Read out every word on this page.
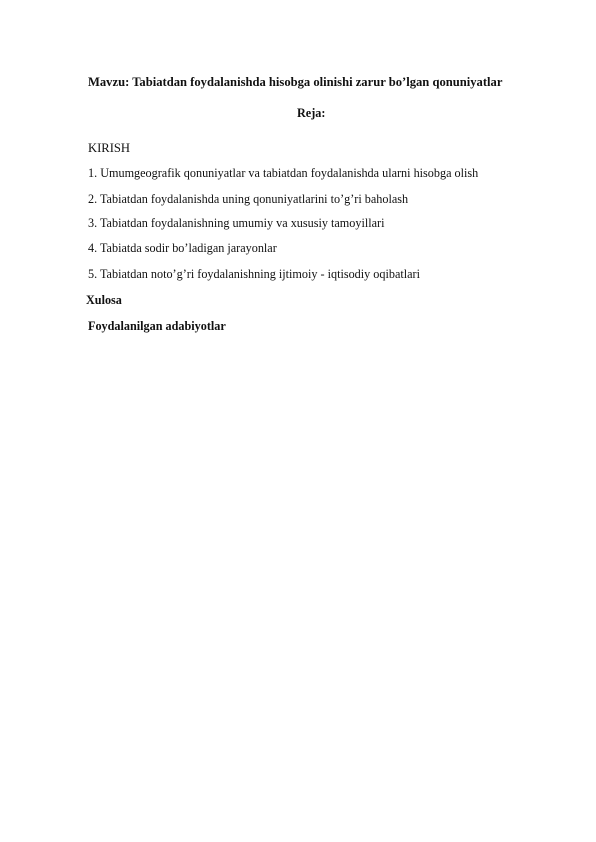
Mavzu: Tabiatdan foydalanishda hisobga olinishi zarur bo’lgan qonuniyatlar
Reja:
KIRISH
1. Umumgeografik qonuniyatlar va tabiatdan foydalanishda ularni hisobga olish
2. Tabiatdan foydalanishda uning qonuniyatlarini to’g’ri baholash
3. Tabiatdan foydalanishning umumiy va xususiy tamoyillari
4. Tabiatda sodir bo’ladigan jarayonlar
5. Tabiatdan noto’g’ri foydalanishning ijtimoiy - iqtisodiy oqibatlari
Xulosa
Foydalanilgan adabiyotlar
